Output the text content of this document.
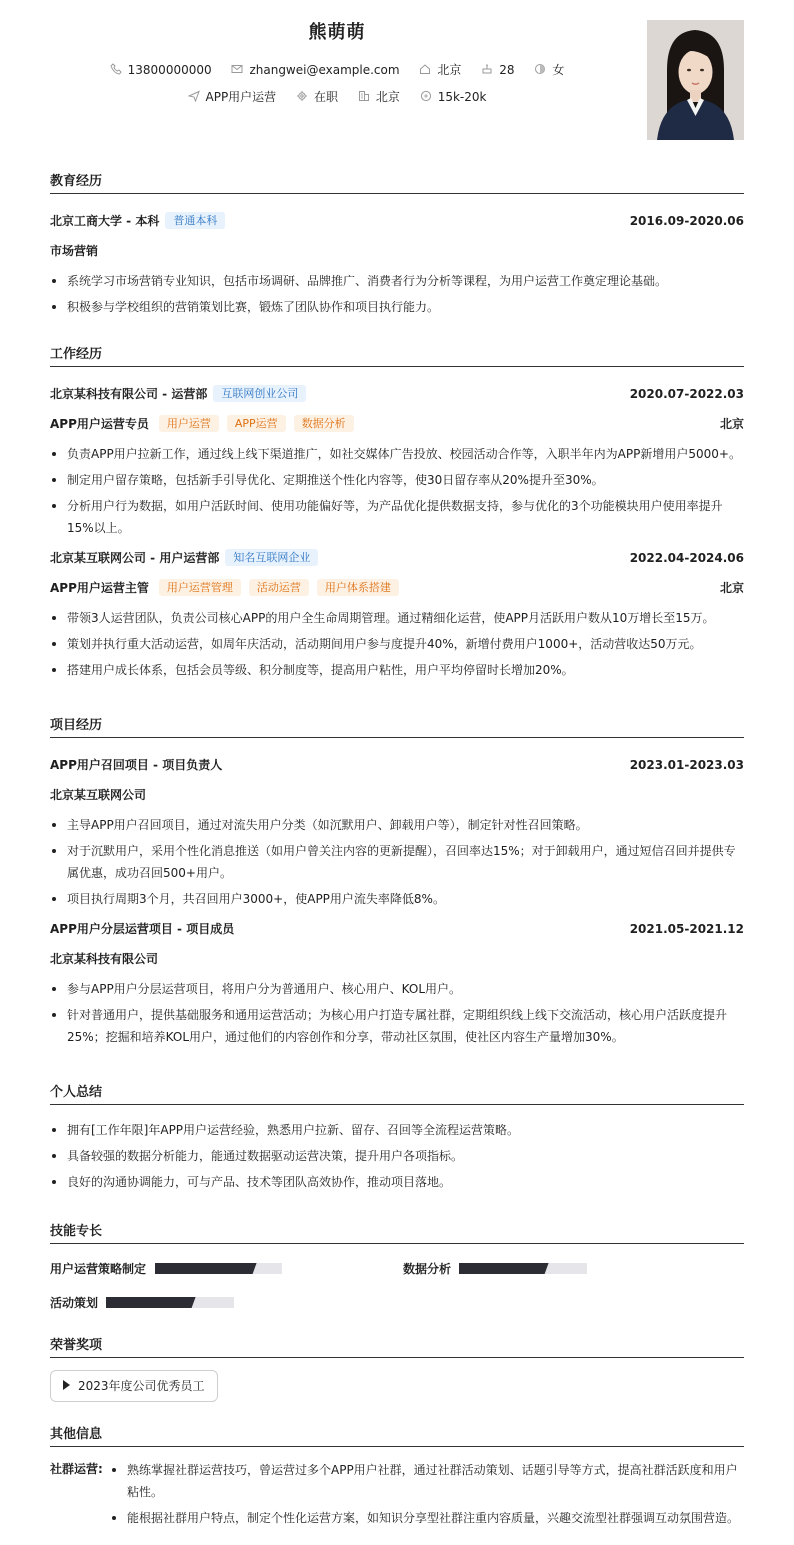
熊萌萌
13800000000	zhangwei@example.com	北京	28	女
APP用户运营	在职	北京	15k-20k
教育经历
北京工商大学 - 本科 普通本科	2016.09-2020.06
市场营销
系统学习市场营销专业知识，包括市场调研、品牌推广、消费者行为分析等课程，为用户运营工作奠定理论基础。
积极参与学校组织的营销策划比赛，锻炼了团队协作和项目执行能力。
工作经历
北京某科技有限公司 - 运营部 互联网创业公司	2020.07-2022.03
APP用户运营专员 用户运营 APP运营 数据分析	北京
负责APP用户拉新工作，通过线上线下渠道推广，如社交媒体广告投放、校园活动合作等，入职半年内为APP新增用户5000+。
制定用户留存策略，包括新手引导优化、定期推送个性化内容等，使30日留存率从20%提升至30%。
分析用户行为数据，如用户活跃时间、使用功能偏好等，为产品优化提供数据支持，参与优化的3个功能模块用户使用率提升15%以上。
北京某互联网公司 - 用户运营部 知名互联网企业	2022.04-2024.06
APP用户运营主管 用户运营管理 活动运营 用户体系搭建	北京
带领3人运营团队，负责公司核心APP的用户全生命周期管理。通过精细化运营，使APP月活跃用户数从10万增长至15万。
策划并执行重大活动运营，如周年庆活动，活动期间用户参与度提升40%，新增付费用户1000+，活动营收达50万元。
搭建用户成长体系，包括会员等级、积分制度等，提高用户粘性，用户平均停留时长增加20%。
项目经历
APP用户召回项目 - 项目负责人	2023.01-2023.03
北京某互联网公司
主导APP用户召回项目，通过对流失用户分类（如沉默用户、卸载用户等），制定针对性召回策略。
对于沉默用户，采用个性化消息推送（如用户曾关注内容的更新提醒），召回率达15%；对于卸载用户，通过短信召回并提供专属优惠，成功召回500+用户。
项目执行周期3个月，共召回用户3000+，使APP用户流失率降低8%。
APP用户分层运营项目 - 项目成员	2021.05-2021.12
北京某科技有限公司
参与APP用户分层运营项目，将用户分为普通用户、核心用户、KOL用户。
针对普通用户，提供基础服务和通用运营活动；为核心用户打造专属社群，定期组织线上线下交流活动，核心用户活跃度提升25%；挖掘和培养KOL用户，通过他们的内容创作和分享，带动社区氛围，使社区内容生产量增加30%。
个人总结
拥有[工作年限]年APP用户运营经验，熟悉用户拉新、留存、召回等全流程运营策略。
具备较强的数据分析能力，能通过数据驱动运营决策，提升用户各项指标。
良好的沟通协调能力，可与产品、技术等团队高效协作，推动项目落地。
技能专长
用户运营策略制定	数据分析
活动策划
荣誉奖项
2023年度公司优秀员工
其他信息
社群运营:	熟练掌握社群运营技巧，曾运营过多个APP用户社群，通过社群活动策划、话题引导等方式，提高社群活跃度和用户粘性。
能根据社群用户特点，制定个性化运营方案，如知识分享型社群注重内容质量，兴趣交流型社群强调互动氛围营造。
